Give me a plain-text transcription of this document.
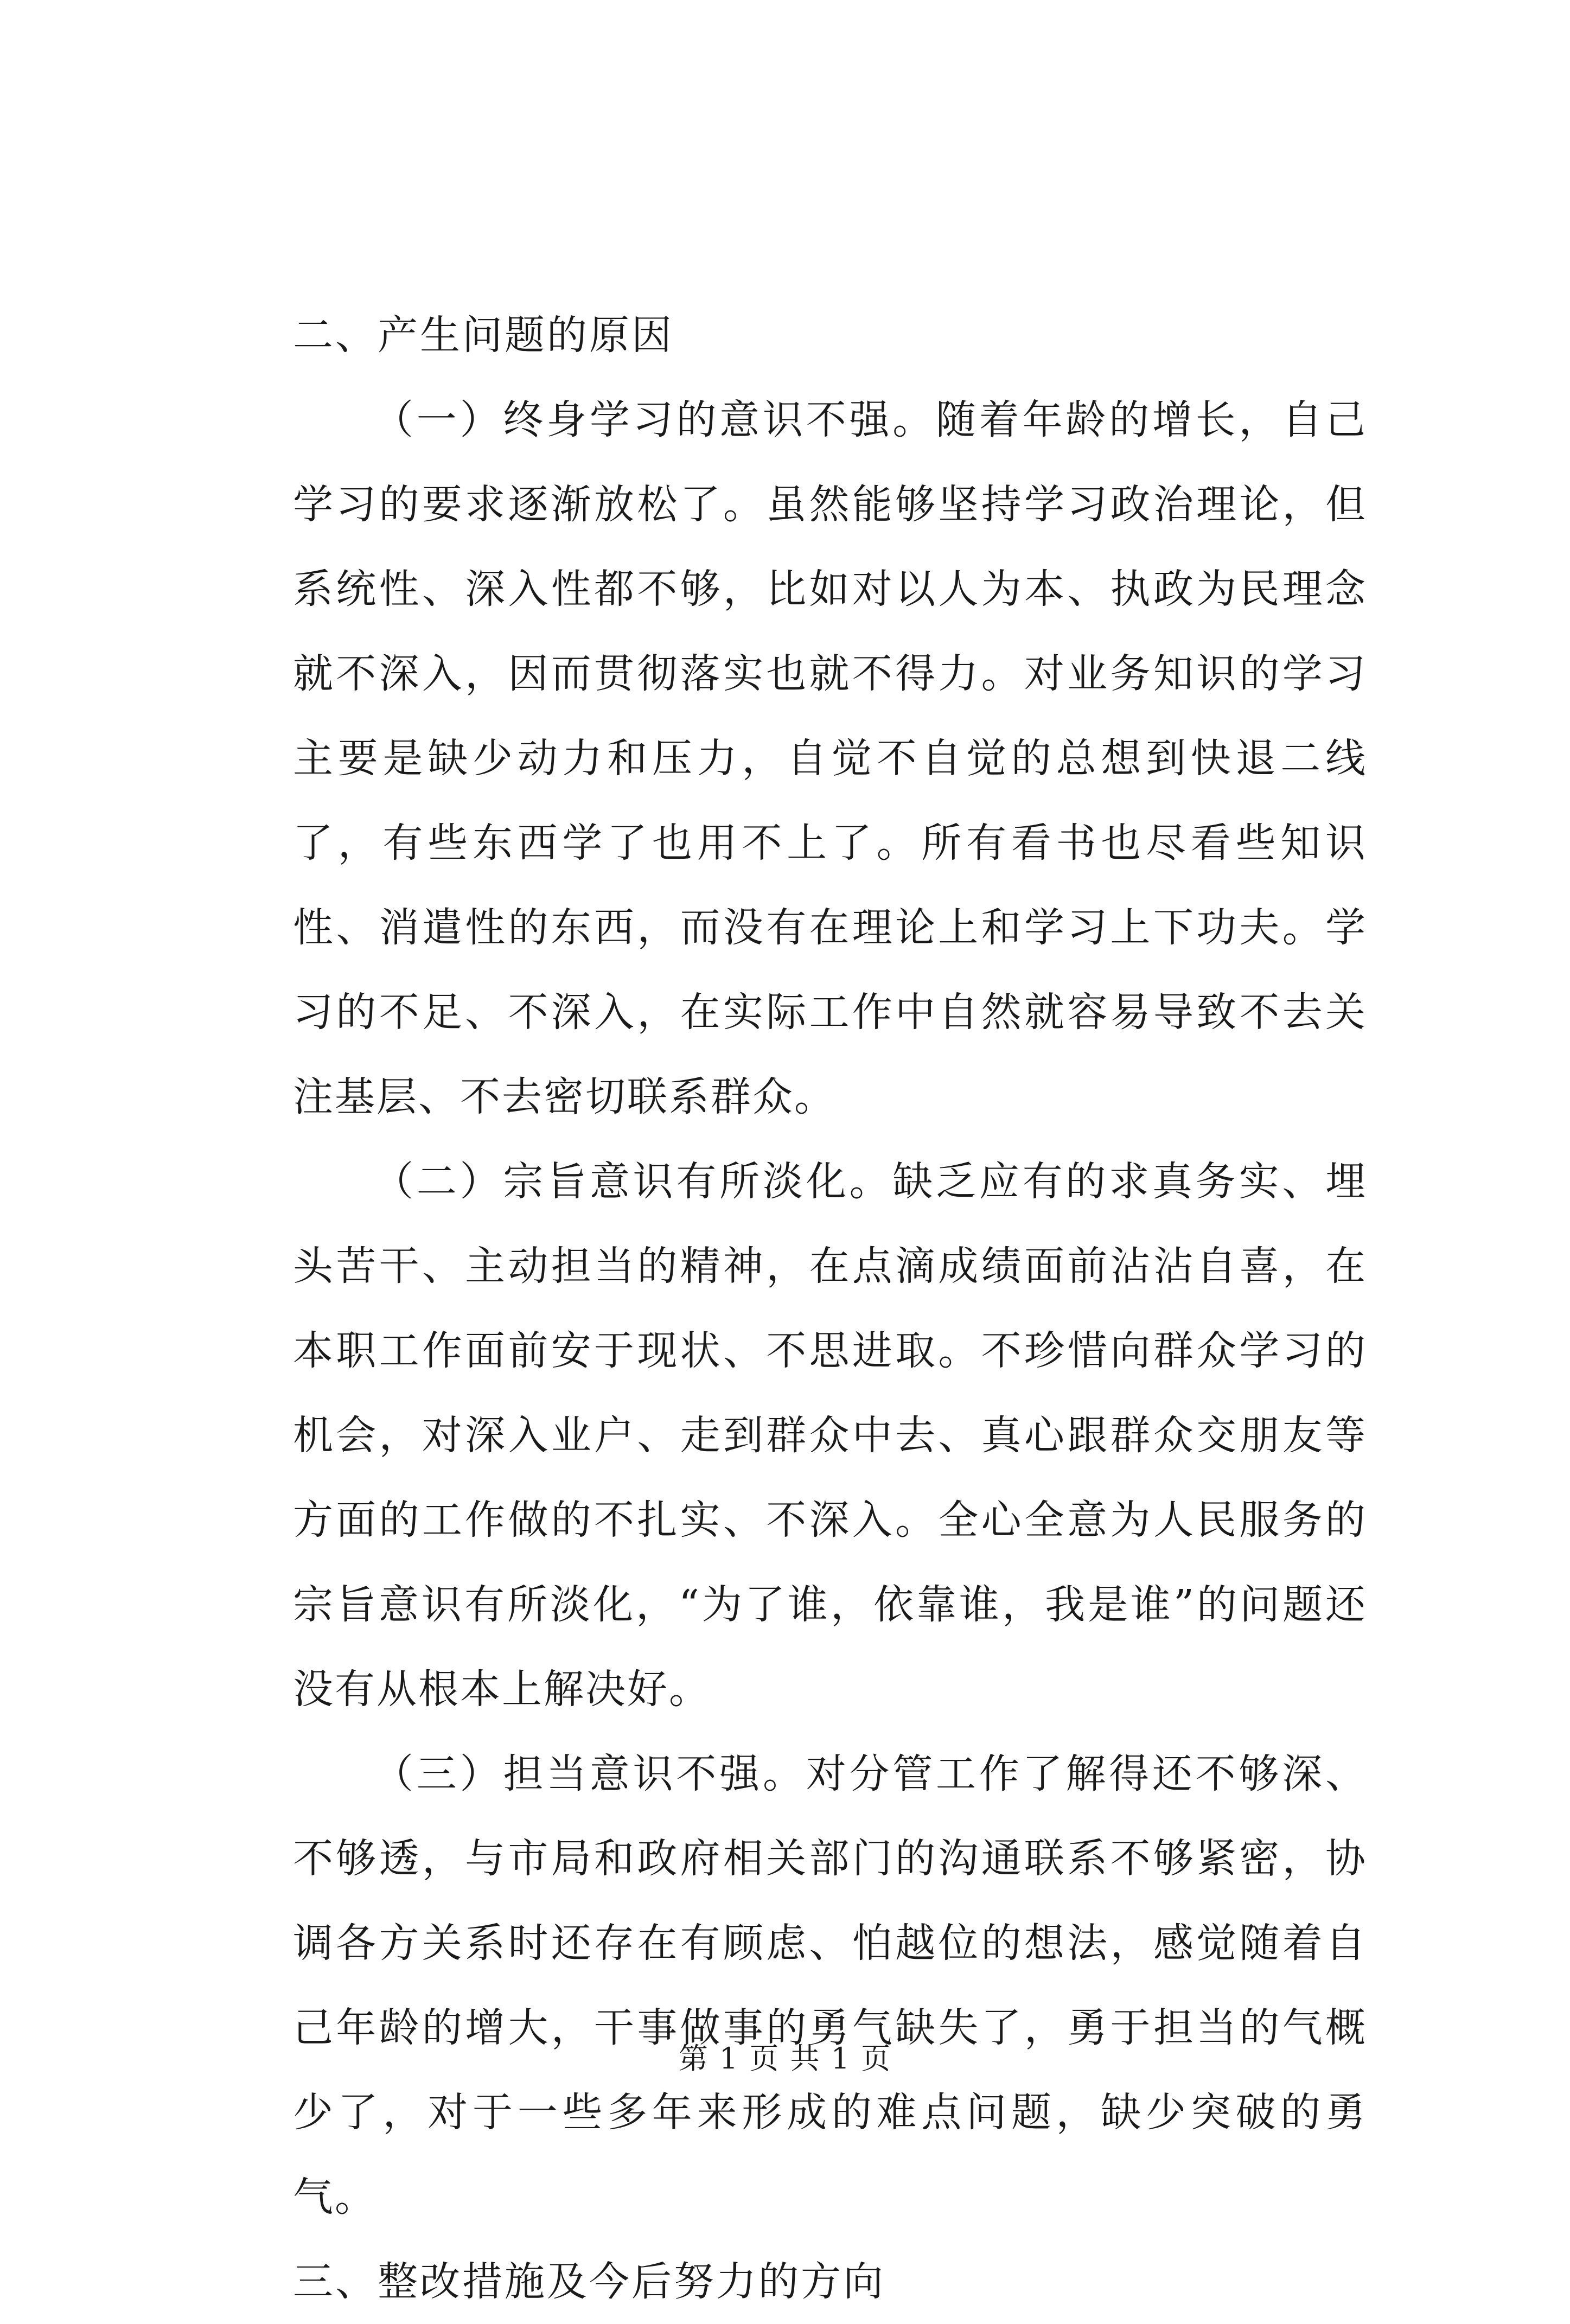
二、产生问题的原因

（一）终身学习的意识不强。随着年龄的增长，自己学习的要求逐渐放松了。虽然能够坚持学习政治理论，但系统性、深入性都不够，比如对以人为本、执政为民理念就不深入，因而贯彻落实也就不得力。对业务知识的学习主要是缺少动力和压力，自觉不自觉的总想到快退二线了，有些东西学了也用不上了。所有看书也尽看些知识性、消遣性的东西，而没有在理论上和学习上下功夫。学习的不足、不深入，在实际工作中自然就容易导致不去关注基层、不去密切联系群众。

（二）宗旨意识有所淡化。缺乏应有的求真务实、埋头苦干、主动担当的精神，在点滴成绩面前沾沾自喜，在本职工作面前安于现状、不思进取。不珍惜向群众学习的机会，对深入业户、走到群众中去、真心跟群众交朋友等方面的工作做的不扎实、不深入。全心全意为人民服务的宗旨意识有所淡化，“为了谁，依靠谁，我是谁”的问题还没有从根本上解决好。

（三）担当意识不强。对分管工作了解得还不够深、不够透，与市局和政府相关部门的沟通联系不够紧密，协调各方关系时还存在有顾虑、怕越位的想法，感觉随着自己年龄的增大，干事做事的勇气缺失了，勇于担当的气概少了，对于一些多年来形成的难点问题，缺少突破的勇气。

三、整改措施及今后努力的方向

第 1 页 共 1 页
